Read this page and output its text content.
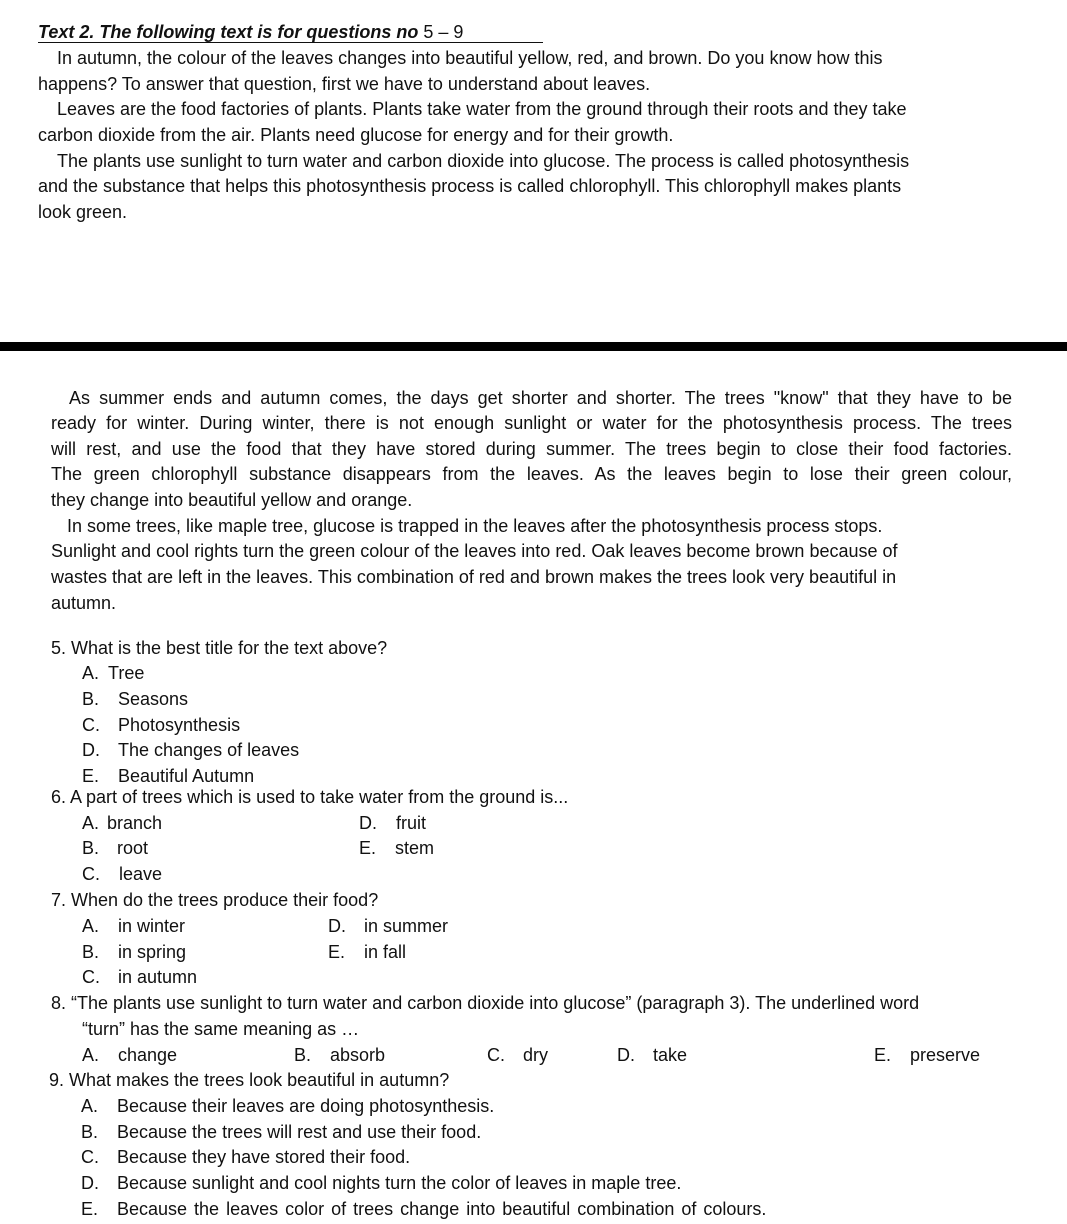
Text 2. The following text is for questions no 5 – 9
In autumn, the colour of the leaves changes into beautiful yellow, red, and brown. Do you know how this
happens? To answer that question, first we have to understand about leaves.
Leaves are the food factories of plants. Plants take water from the ground through their roots and they take
carbon dioxide from the air. Plants need glucose for energy and for their growth.
The plants use sunlight to turn water and carbon dioxide into glucose. The process is called photosynthesis
and the substance that helps this photosynthesis process is called chlorophyll. This chlorophyll makes plants
look green.
As summer ends and autumn comes, the days get shorter and shorter. The trees "know" that they have to be
ready for winter. During winter, there is not enough sunlight or water for the photosynthesis process. The trees
will rest, and use the food that they have stored during summer. The trees begin to close their food factories.
The green chlorophyll substance disappears from the leaves. As the leaves begin to lose their green colour,
they change into beautiful yellow and orange.
In some trees, like maple tree, glucose is trapped in the leaves after the photosynthesis process stops.
Sunlight and cool rights turn the green colour of the leaves into red. Oak leaves become brown because of
wastes that are left in the leaves. This combination of red and brown makes the trees look very beautiful in
autumn.
5. What is the best title for the text above?
A. Tree
B. Seasons
C. Photosynthesis
D. The changes of leaves
E. Beautiful Autumn
6. A part of trees which is used to take water from the ground is...
A. branch
B. root
C. leave
D. fruit
E. stem
7. When do the trees produce their food?
A. in winter
B. in spring
C. in autumn
D. in summer
E. in fall
8. “The plants use sunlight to turn water and carbon dioxide into glucose” (paragraph 3). The underlined word
“turn” has the same meaning as …
A. change	B. absorb	C. dry	D. take	E. preserve
9. What makes the trees look beautiful in autumn?
A. Because their leaves are doing photosynthesis.
B. Because the trees will rest and use their food.
C. Because they have stored their food.
D. Because sunlight and cool nights turn the color of leaves in maple tree.
E. Because the leaves color of trees change into beautiful combination of colours.
